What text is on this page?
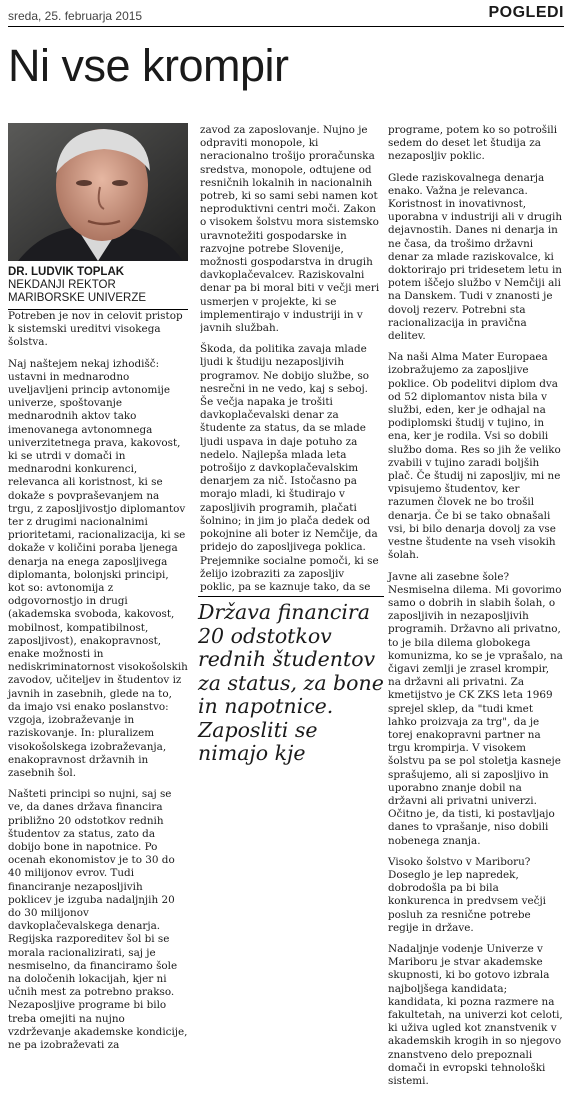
sreda, 25. februarja 2015	POGLEDI
Ni vse krompir
DR. LUDVIK TOPLAK
NEKDANJI REKTOR
MARIBORSKE UNIVERZE

Potreben je nov in celovit pristop k sistemski ureditvi visokega šolstva.

Naj naštejem nekaj izhodišč: ustavni in mednarodno uveljavljeni princip avtonomije univerze, spoštovanje mednarodnih aktov tako imenovanega avtonomnega univerzitetnega prava, kakovost, ki se utrdi v domači in mednarodni konkurenci, relevanca ali koristnost, ki se dokaže s povpraševanjem na trgu, z zaposljivostjo diplomantov ter z drugimi nacionalnimi prioritetami, racionalizacija, ki se dokaže v količini poraba ljenega denarja na enega zaposljivega diplomanta, bolonjski principi, kot so: avtonomija z odgovornostjo in drugi (akademska svoboda, kakovost, mobilnost, kompatibilnost, zaposljivost), enakopravnost, enake možnosti in nediskriminatornost visokošolskih zavodov, učiteljev in študentov iz javnih in zasebnih, glede na to, da imajo vsi enako poslanstvo: vzgoja, izobraževanje in raziskovanje. In: pluralizem visokošolskega izobraževanja, enakopravnost državnih in zasebnih šol.

Našteti principi so nujni, saj se ve, da danes država financira približno 20 odstotkov rednih študentov za status, zato da dobijo bone in napotnice. Po ocenah ekonomistov je to 30 do 40 milijonov evrov. Tudi financiranje nezaposljivih poklicev je izguba nadaljnjih 20 do 30 milijonov davkoplačevalskega denarja. Regijska razporeditev šol bi se morala racionalizirati, saj je nesmiselno, da financiramo šole na določenih lokacijah, kjer ni učnih mest za potrebno prakso. Nezaposljive programe bi bilo treba omejiti na nujno vzdrževanje akademske kondicije, ne pa izobraževati za

zavod za zaposlovanje. Nujno je odpraviti monopole, ki neracionalno trošijo proračunska sredstva, monopole, odtujene od resničnih lokalnih in nacionalnih potreb, ki so sami sebi namen kot neproduktivni centri moči. Zakon o visokem šolstvu mora sistemsko uravnotežiti gospodarske in razvojne potrebe Slovenije, možnosti gospodarstva in drugih davkoplačevalcev. Raziskovalni denar pa bi moral biti v večji meri usmerjen v projekte, ki se implementirajo v industriji in v javnih službah.

Škoda, da politika zavaja mlade ljudi k študiju nezaposljivih programov. Ne dobijo službe, so nesrečni in ne vedo, kaj s seboj. Še večja napaka je trošiti davkoplačevalski denar za študente za status, da se mlade ljudi uspava in daje potuho za nedelo. Najlepša mlada leta potrošijo z davkoplačevalskim denarjem za nič. Istočasno pa morajo mladi, ki študirajo v zaposljivih programih, plačati šolnino; in jim jo plača dedek od pokojnine ali boter iz Nemčije, da pridejo do zaposljivega poklica. Prejemnike socialne pomoči, ki se želijo izobraziti za zaposljiv poklic, pa se kaznuje tako, da se

Država financira 20 odstotkov rednih študentov za status, za bone in napotnice. Zaposliti se nimajo kje

programe, potem ko so potrošili sedem do deset let študija za nezaposljiv poklic.

Glede raziskovalnega denarja enako. Važna je relevanca. Koristnost in inovativnost, uporabna v industriji ali v drugih dejavnostih. Danes ni denarja in ne časa, da trošimo državni denar za mlade raziskovalce, ki doktorirajo pri tridesetem letu in potem iščejo službo v Nemčiji ali na Danskem. Tudi v znanosti je dovolj rezerv. Potrebni sta racionalizacija in pravična delitev.

Na naši Alma Mater Europaea izobražujemo za zaposljive poklice. Ob podelitvi diplom dva od 52 diplomantov nista bila v službi, eden, ker je odhajal na podiplomski študij v tujino, in ena, ker je rodila. Vsi so dobili službo doma. Res so jih že veliko zvabili v tujino zaradi boljših plač. Če študij ni zaposljiv, mi ne vpisujemo študentov, ker razumen človek ne bo trošil denarja. Če bi se tako obnašali vsi, bi bilo denarja dovolj za vse vestne študente na vseh visokih šolah.

Javne ali zasebne šole? Nesmiselna dilema. Mi govorimo samo o dobrih in slabih šolah, o zaposljivih in nezaposljivih programih. Državno ali privatno, to je bila dilema globokega komunizma, ko se je vprašalo, na čigavi zemlji je zrasel krompir, na državni ali privatni. Za kmetijstvo je CK ZKS leta 1969 sprejel sklep, da "tudi kmet lahko proizvaja za trg", da je torej enakopravni partner na trgu krompirja. V visokem šolstvu pa se pol stoletja kasneje sprašujemo, ali si zaposljivo in uporabno znanje dobil na državni ali privatni univerzi. Očitno je, da tisti, ki postavljajo danes to vprašanje, niso dobili nobenega znanja.

Visoko šolstvo v Mariboru? Doseglo je lep napredek, dobrodošla pa bi bila konkurenca in predvsem večji posluh za resnične potrebe regije in države.

Nadaljnje vodenje Univerze v Mariboru je stvar akademske skupnosti, ki bo gotovo izbrala najboljšega kandidata; kandidata, ki pozna razmere na fakultetah, na univerzi kot celoti, ki uživa ugled kot znanstvenik v akademskih krogih in so njegovo znanstveno delo prepoznali domači in evropski tehnološki sistemi.
